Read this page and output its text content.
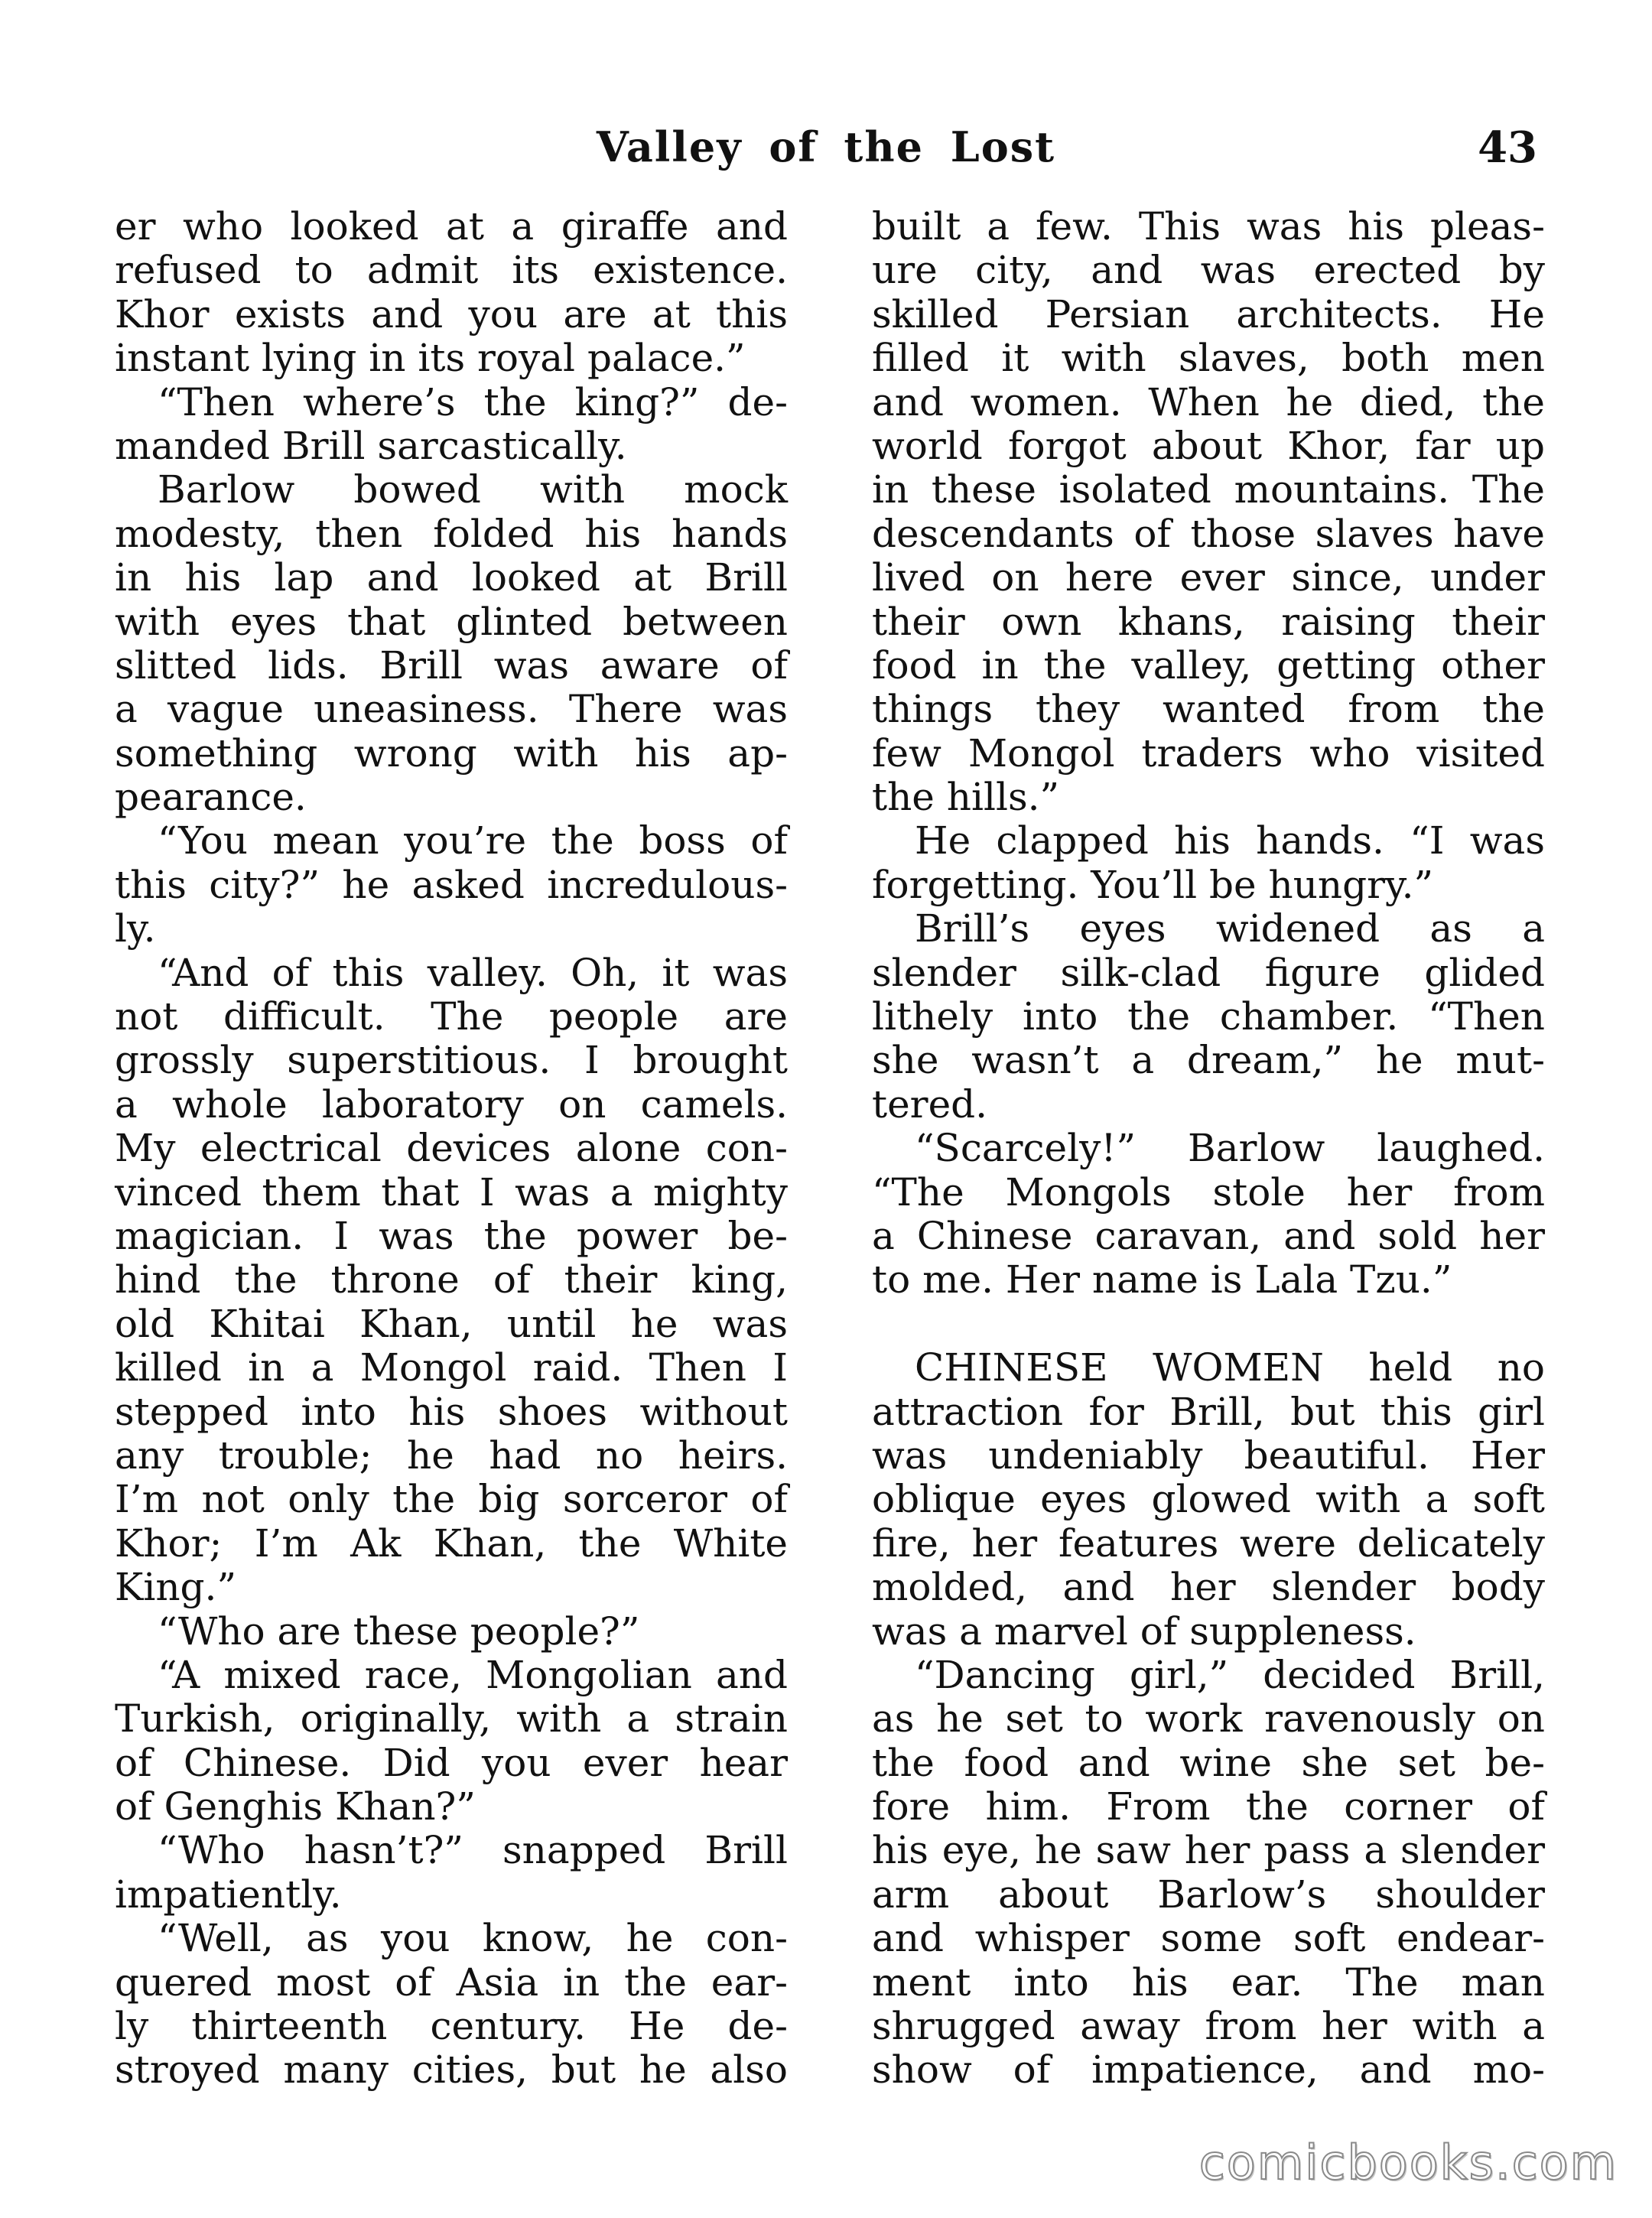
Valley of the Lost	43
er who looked at a giraffe and
refused to admit its existence.
Khor exists and you are at this
instant lying in its royal palace.”
“Then where’s the king?” de-
manded Brill sarcastically.
Barlow bowed with mock
modesty, then folded his hands
in his lap and looked at Brill
with eyes that glinted between
slitted lids. Brill was aware of
a vague uneasiness. There was
something wrong with his ap-
pearance.
“You mean you’re the boss of
this city?” he asked incredulous-
ly.
“And of this valley. Oh, it was
not difficult. The people are
grossly superstitious. I brought
a whole laboratory on camels.
My electrical devices alone con-
vinced them that I was a mighty
magician. I was the power be-
hind the throne of their king,
old Khitai Khan, until he was
killed in a Mongol raid. Then I
stepped into his shoes without
any trouble; he had no heirs.
I’m not only the big sorceror of
Khor; I’m Ak Khan, the White
King.”
“Who are these people?”
“A mixed race, Mongolian and
Turkish, originally, with a strain
of Chinese. Did you ever hear
of Genghis Khan?”
“Who hasn’t?” snapped Brill
impatiently.
“Well, as you know, he con-
quered most of Asia in the ear-
ly thirteenth century. He de-
stroyed many cities, but he also
built a few. This was his pleas-
ure city, and was erected by
skilled Persian architects. He
filled it with slaves, both men
and women. When he died, the
world forgot about Khor, far up
in these isolated mountains. The
descendants of those slaves have
lived on here ever since, under
their own khans, raising their
food in the valley, getting other
things they wanted from the
few Mongol traders who visited
the hills.”
He clapped his hands. “I was
forgetting. You’ll be hungry.”
Brill’s eyes widened as a
slender silk-clad figure glided
lithely into the chamber. “Then
she wasn’t a dream,” he mut-
tered.
“Scarcely!” Barlow laughed.
“The Mongols stole her from
a Chinese caravan, and sold her
to me. Her name is Lala Tzu.”
CHINESE WOMEN held no
attraction for Brill, but this girl
was undeniably beautiful. Her
oblique eyes glowed with a soft
fire, her features were delicately
molded, and her slender body
was a marvel of suppleness.
“Dancing girl,” decided Brill,
as he set to work ravenously on
the food and wine she set be-
fore him. From the corner of
his eye, he saw her pass a slender
arm about Barlow’s shoulder
and whisper some soft endear-
ment into his ear. The man
shrugged away from her with a
show of impatience, and mo-
comicbooks.com
